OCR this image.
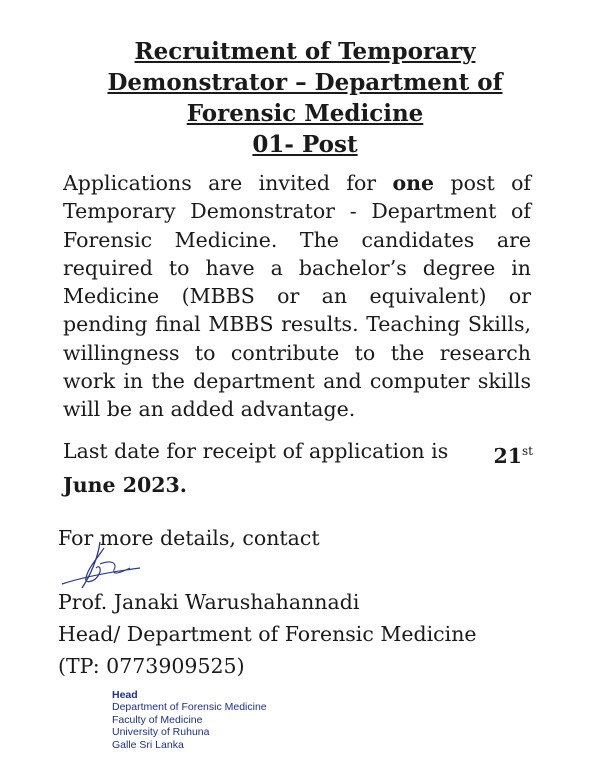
Recruitment of Temporary
Demonstrator – Department of
Forensic Medicine
01- Post

Applications are invited for one post of Temporary Demonstrator - Department of Forensic Medicine. The candidates are required to have a bachelor’s degree in Medicine (MBBS or an equivalent) or pending final MBBS results. Teaching Skills, willingness to contribute to the research work in the department and computer skills will be an added advantage.

Last date for receipt of application is 21st
June 2023.
For more details, contact
Prof. Janaki Warushahannadi
Head/ Department of Forensic Medicine
(TP: 0773909525)
Head
Department of Forensic Medicine
Faculty of Medicine
University of Ruhuna
Galle Sri Lanka
